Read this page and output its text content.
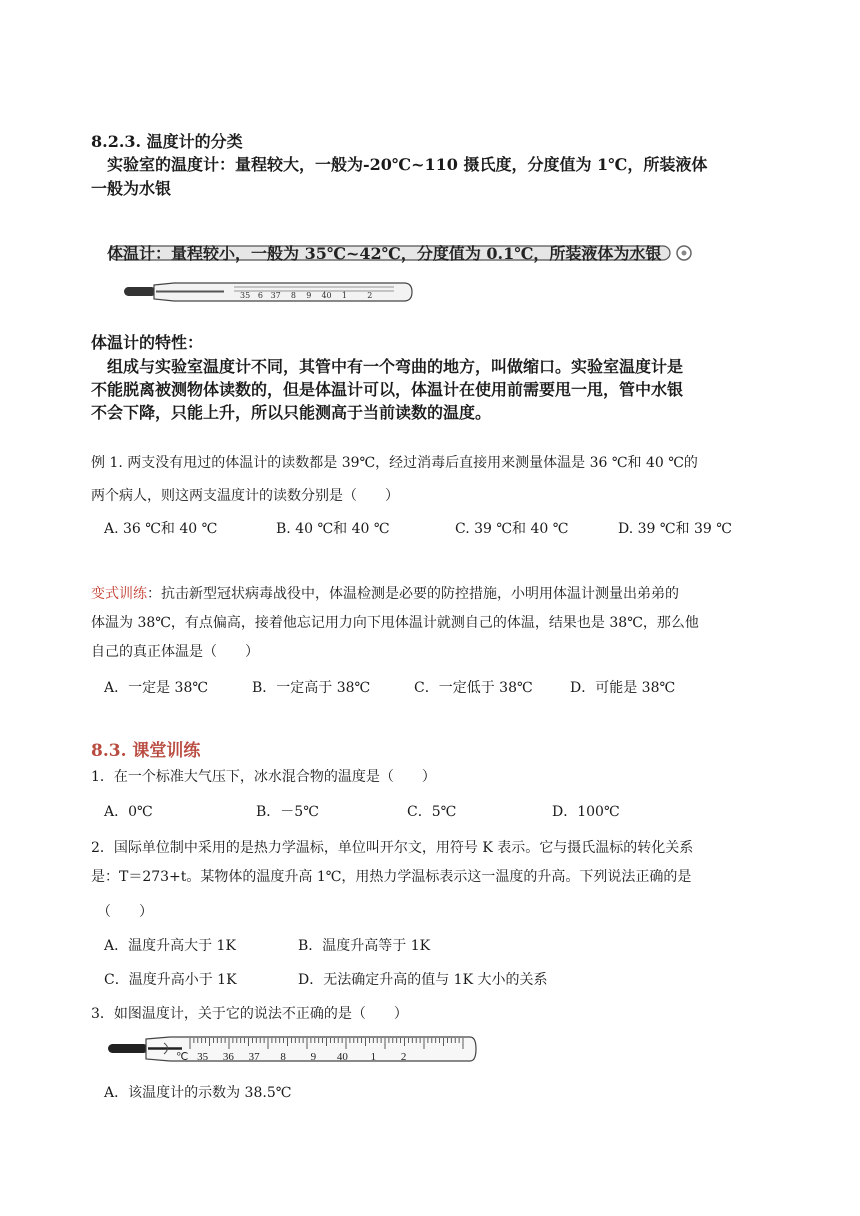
8.2.3. 温度计的分类
实验室的温度计：量程较大，一般为-20℃~110 摄氏度，分度值为 1℃，所装液体
一般为水银
体温计：量程较小，一般为 35℃~42℃，分度值为 0.1℃，所装液体为水银
35 6 37 8 9 40 1	2
体温计的特性：
组成与实验室温度计不同，其管中有一个弯曲的地方，叫做缩口。实验室温度计是
不能脱离被测物体读数的，但是体温计可以，体温计在使用前需要甩一甩，管中水银
不会下降，只能上升，所以只能测高于当前读数的温度。
例 1. 两支没有甩过的体温计的读数都是 39℃，经过消毒后直接用来测量体温是 36 ℃和 40 ℃的
两个病人，则这两支温度计的读数分别是（　　）
A. 36 ℃和 40 ℃	B. 40 ℃和 40 ℃	C. 39 ℃和 40 ℃	D. 39 ℃和 39 ℃
变式训练：抗击新型冠状病毒战役中，体温检测是必要的防控措施，小明用体温计测量出弟弟的
体温为 38℃，有点偏高，接着他忘记用力向下甩体温计就测自己的体温，结果也是 38℃，那么他
自己的真正体温是（　　）
A．一定是 38℃	B．一定高于 38℃	C．一定低于 38℃	D．可能是 38℃
8.3. 课堂训练
1．在一个标准大气压下，冰水混合物的温度是（　　）
A．0℃	B．－5℃	C．5℃	D．100℃
2．国际单位制中采用的是热力学温标，单位叫开尔文，用符号 K 表示。它与摄氏温标的转化关系
是：T＝273+t。某物体的温度升高 1℃，用热力学温标表示这一温度的升高。下列说法正确的是
（　　）
A．温度升高大于 1K	B．温度升高等于 1K
C．温度升高小于 1K	D．无法确定升高的值与 1K 大小的关系
3．如图温度计，关于它的说法不正确的是（　　）
℃ 35 36 37 8 9 40 1 2
A．该温度计的示数为 38.5℃
